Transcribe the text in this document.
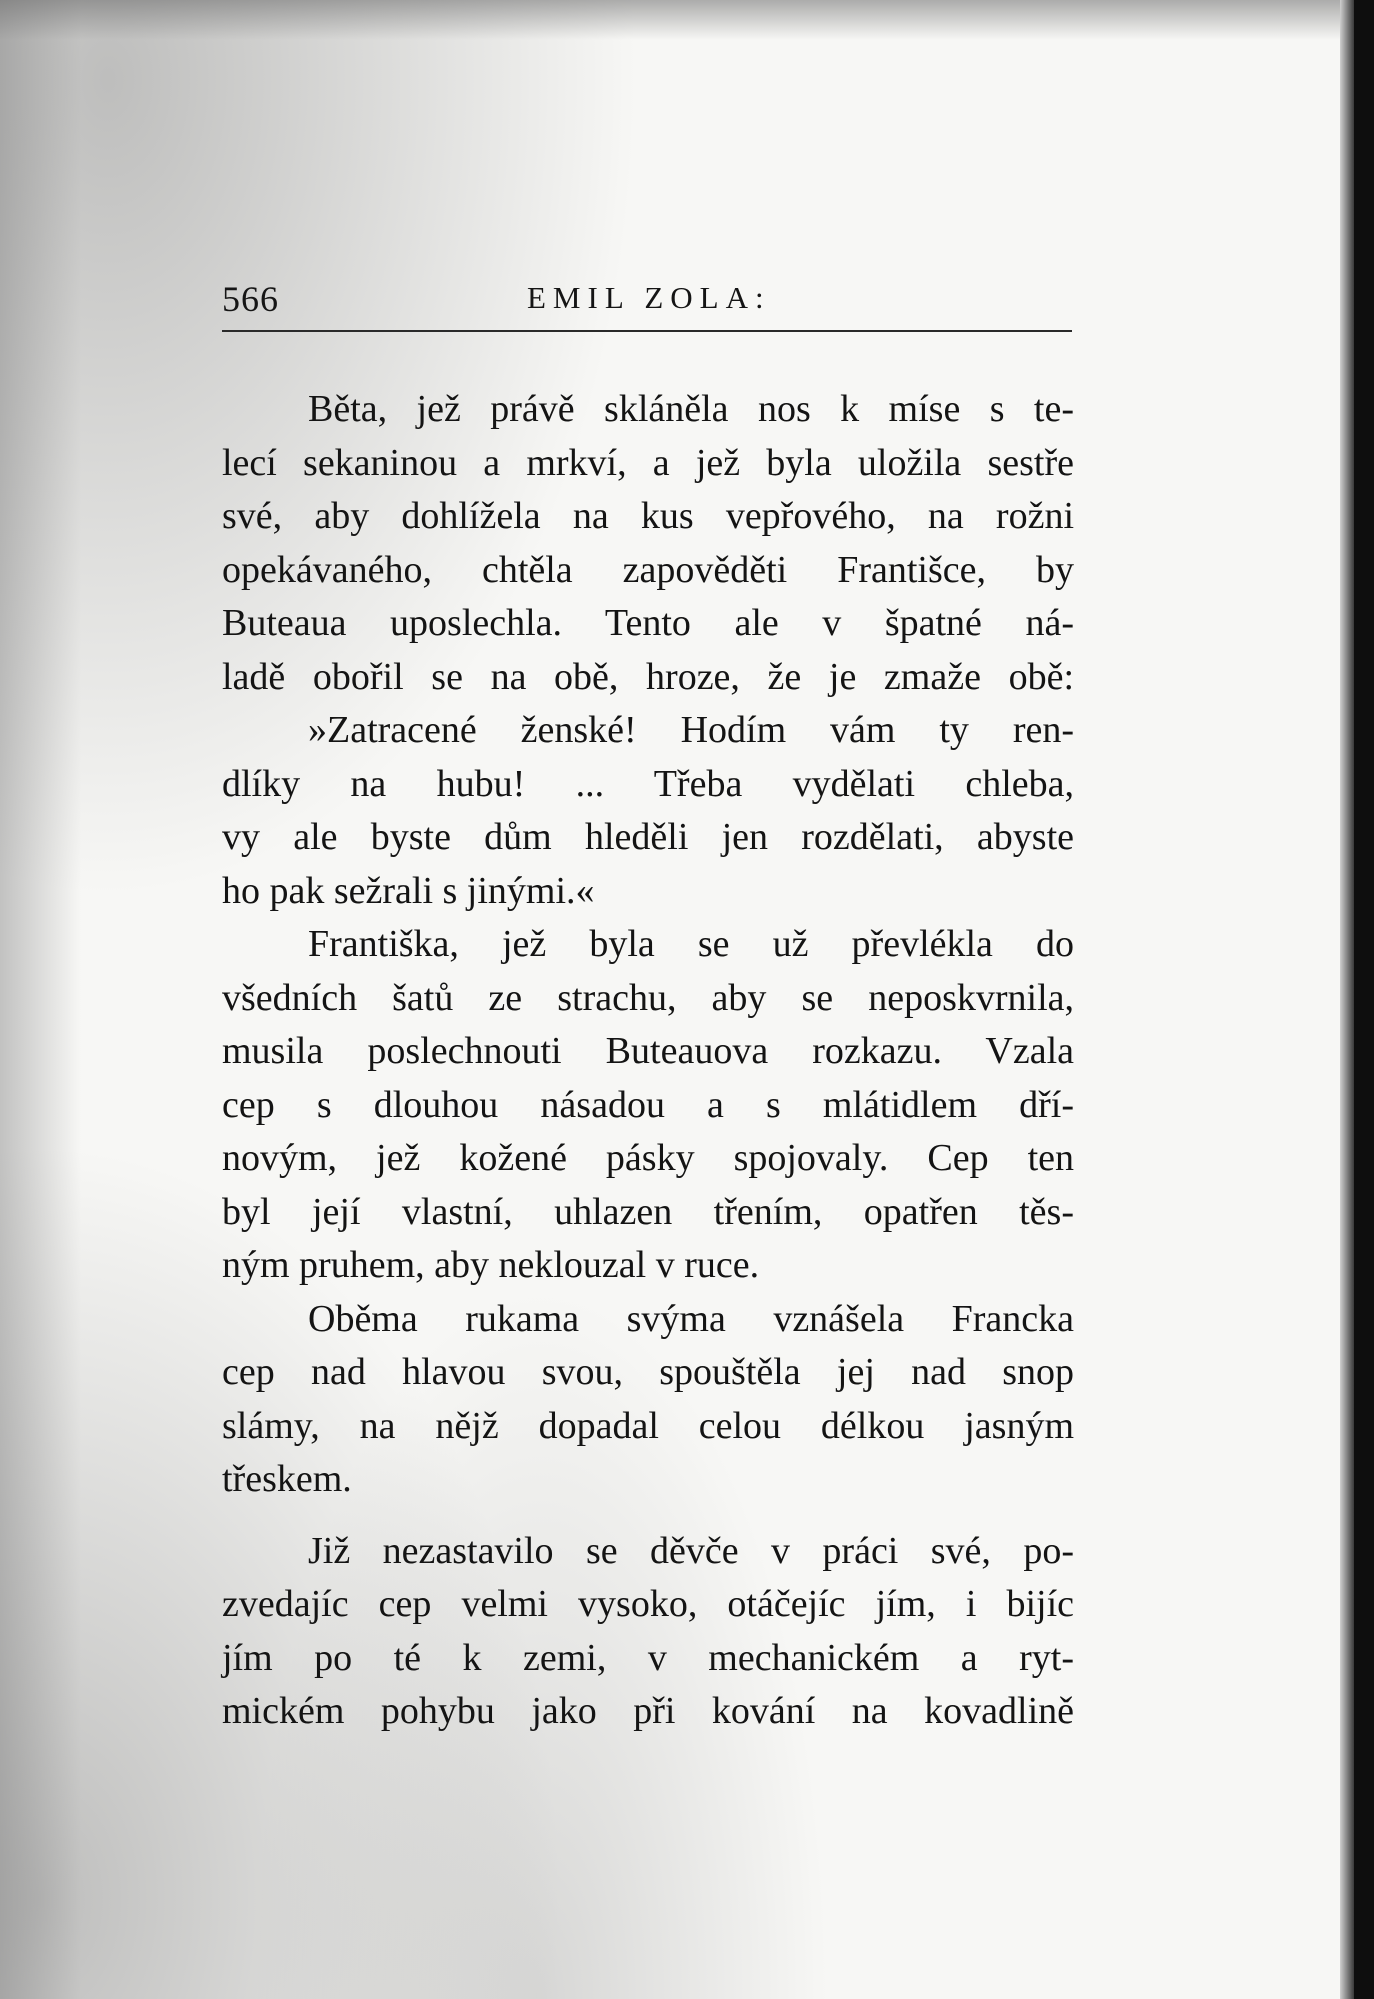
566	EMIL ZOLA:
Běta, jež právě skláněla nos k míse s te-
lecí sekaninou a mrkví, a jež byla uložila sestře
své, aby dohlížela na kus vepřového, na rožni
opekávaného, chtěla zapověděti Františce, by
Buteaua uposlechla. Tento ale v špatné ná-
ladě obořil se na obě, hroze, že je zmaže obě:
»Zatracené ženské! Hodím vám ty ren-
dlíky na hubu! ... Třeba vydělati chleba,
vy ale byste dům hleděli jen rozdělati, abyste
ho pak sežrali s jinými.«
Františka, jež byla se už převlékla do
všedních šatů ze strachu, aby se neposkvrnila,
musila poslechnouti Buteauova rozkazu. Vzala
cep s dlouhou násadou a s mlátidlem dří-
novým, jež kožené pásky spojovaly. Cep ten
byl její vlastní, uhlazen třením, opatřen těs-
ným pruhem, aby neklouzal v ruce.
Oběma rukama svýma vznášela Francka
cep nad hlavou svou, spouštěla jej nad snop
slámy, na nějž dopadal celou délkou jasným
třeskem.
Již nezastavilo se děvče v práci své, po-
zvedajíc cep velmi vysoko, otáčejíc jím, i bijíc
jím po té k zemi, v mechanickém a ryt-
mickém pohybu jako při kování na kovadlině
